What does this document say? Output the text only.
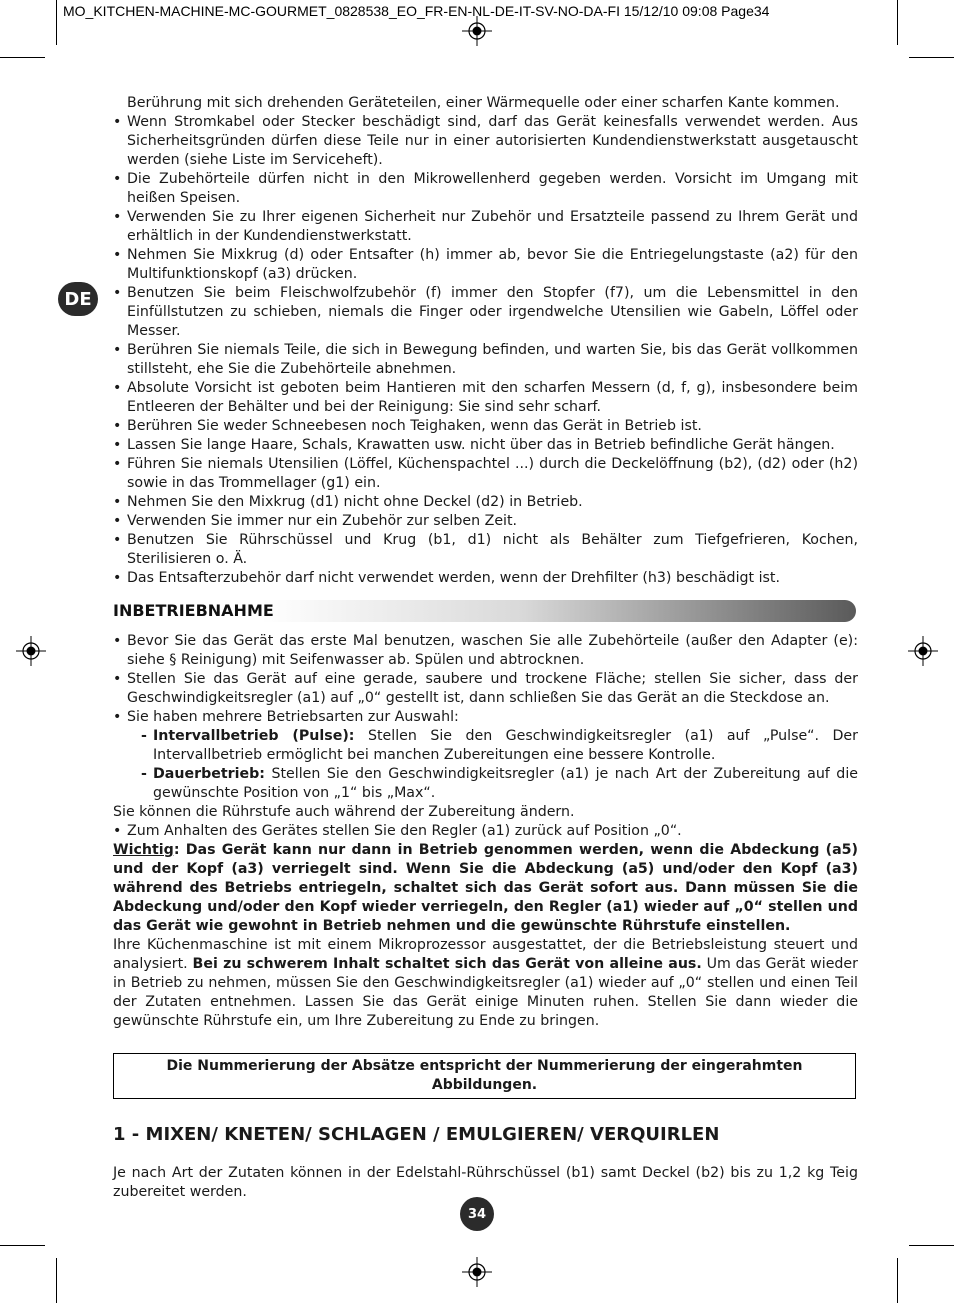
MO_KITCHEN-MACHINE-MC-GOURMET_0828538_EO_FR-EN-NL-DE-IT-SV-NO-DA-FI 15/12/10 09:08 Page34
DE

Berührung mit sich drehenden Geräteteilen, einer Wärmequelle oder einer scharfen Kante kommen.

• Wenn Stromkabel oder Stecker beschädigt sind, darf das Gerät keinesfalls verwendet werden. Aus Sicherheitsgründen dürfen diese Teile nur in einer autorisierten Kundendienstwerkstatt ausgetauscht werden (siehe Liste im Serviceheft).
• Die Zubehörteile dürfen nicht in den Mikrowellenherd gegeben werden. Vorsicht im Umgang mit heißen Speisen.
• Verwenden Sie zu Ihrer eigenen Sicherheit nur Zubehör und Ersatzteile passend zu Ihrem Gerät und erhältlich in der Kundendienstwerkstatt.
• Nehmen Sie Mixkrug (d) oder Entsafter (h) immer ab, bevor Sie die Entriegelungstaste (a2) für den Multifunktionskopf (a3) drücken.
• Benutzen Sie beim Fleischwolfzubehör (f) immer den Stopfer (f7), um die Lebensmittel in den Einfüllstutzen zu schieben, niemals die Finger oder irgendwelche Utensilien wie Gabeln, Löffel oder Messer.
• Berühren Sie niemals Teile, die sich in Bewegung befinden, und warten Sie, bis das Gerät vollkommen stillsteht, ehe Sie die Zubehörteile abnehmen.
• Absolute Vorsicht ist geboten beim Hantieren mit den scharfen Messern (d, f, g), insbesondere beim Entleeren der Behälter und bei der Reinigung: Sie sind sehr scharf.
• Berühren Sie weder Schneebesen noch Teighaken, wenn das Gerät in Betrieb ist.
• Lassen Sie lange Haare, Schals, Krawatten usw. nicht über das in Betrieb befindliche Gerät hängen.
• Führen Sie niemals Utensilien (Löffel, Küchenspachtel ...) durch die Deckelöffnung (b2), (d2) oder (h2) sowie in das Trommellager (g1) ein.
• Nehmen Sie den Mixkrug (d1) nicht ohne Deckel (d2) in Betrieb.
• Verwenden Sie immer nur ein Zubehör zur selben Zeit.
• Benutzen Sie Rührschüssel und Krug (b1, d1) nicht als Behälter zum Tiefgefrieren, Kochen, Sterilisieren o. Ä.
• Das Entsafterzubehör darf nicht verwendet werden, wenn der Drehfilter (h3) beschädigt ist.
INBETRIEBNAHME
• Bevor Sie das Gerät das erste Mal benutzen, waschen Sie alle Zubehörteile (außer den Adapter (e): siehe § Reinigung) mit Seifenwasser ab. Spülen und abtrocknen.
• Stellen Sie das Gerät auf eine gerade, saubere und trockene Fläche; stellen Sie sicher, dass der Geschwindigkeitsregler (a1) auf „0“ gestellt ist, dann schließen Sie das Gerät an die Steckdose an.
• Sie haben mehrere Betriebsarten zur Auswahl:
- Intervallbetrieb (Pulse): Stellen Sie den Geschwindigkeitsregler (a1) auf „Pulse“. Der Intervallbetrieb ermöglicht bei manchen Zubereitungen eine bessere Kontrolle.
- Dauerbetrieb: Stellen Sie den Geschwindigkeitsregler (a1) je nach Art der Zubereitung auf die gewünschte Position von „1“ bis „Max“.

Sie können die Rührstufe auch während der Zubereitung ändern.

• Zum Anhalten des Gerätes stellen Sie den Regler (a1) zurück auf Position „0“.

Wichtig: Das Gerät kann nur dann in Betrieb genommen werden, wenn die Abdeckung (a5) und der Kopf (a3) verriegelt sind. Wenn Sie die Abdeckung (a5) und/oder den Kopf (a3) während des Betriebs entriegeln, schaltet sich das Gerät sofort aus. Dann müssen Sie die Abdeckung und/oder den Kopf wieder verriegeln, den Regler (a1) wieder auf „0“ stellen und das Gerät wie gewohnt in Betrieb nehmen und die gewünschte Rührstufe einstellen.

Ihre Küchenmaschine ist mit einem Mikroprozessor ausgestattet, der die Betriebsleistung steuert und analysiert. Bei zu schwerem Inhalt schaltet sich das Gerät von alleine aus. Um das Gerät wieder in Betrieb zu nehmen, müssen Sie den Geschwindigkeitsregler (a1) wieder auf „0“ stellen und einen Teil der Zutaten entnehmen. Lassen Sie das Gerät einige Minuten ruhen. Stellen Sie dann wieder die gewünschte Rührstufe ein, um Ihre Zubereitung zu Ende zu bringen.

Die Nummerierung der Absätze entspricht der Nummerierung der eingerahmten Abbildungen.
1 - MIXEN/ KNETEN/ SCHLAGEN / EMULGIEREN/ VERQUIRLEN

Je nach Art der Zutaten können in der Edelstahl-Rührschüssel (b1) samt Deckel (b2) bis zu 1,2 kg Teig zubereitet werden.

34
